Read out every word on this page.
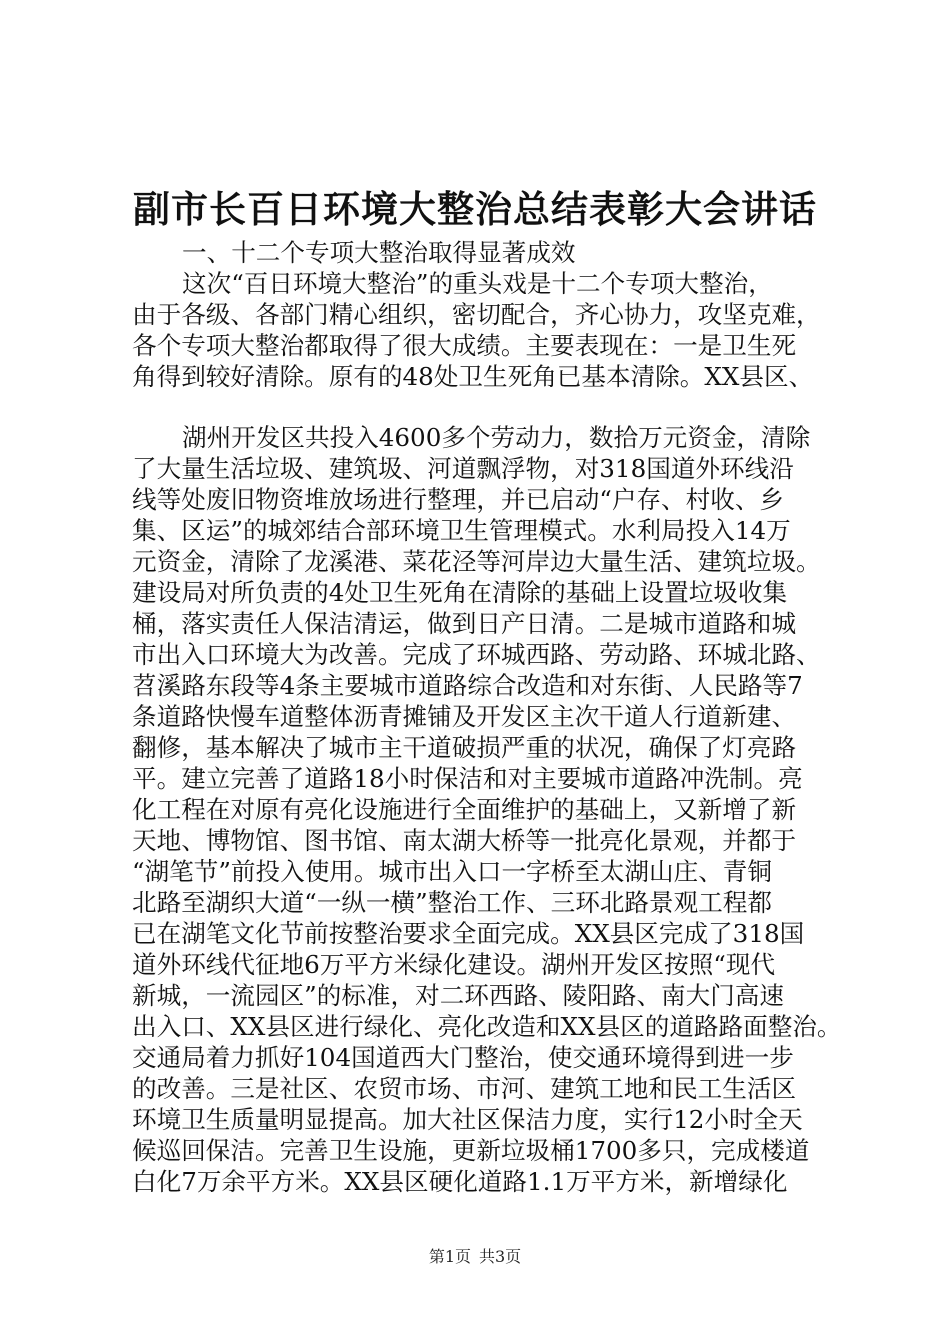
副市长百日环境大整治总结表彰大会讲话
一、十二个专项大整治取得显著成效
这次“百日环境大整治”的重头戏是十二个专项大整治，
由于各级、各部门精心组织，密切配合，齐心协力，攻坚克难，
各个专项大整治都取得了很大成绩。主要表现在：一是卫生死
角得到较好清除。原有的48处卫生死角已基本清除。XX县区、
湖州开发区共投入4600多个劳动力，数拾万元资金，清除
了大量生活垃圾、建筑圾、河道飘浮物，对318国道外环线沿
线等处废旧物资堆放场进行整理，并已启动“户存、村收、乡
集、区运”的城郊结合部环境卫生管理模式。水利局投入14万
元资金，清除了龙溪港、菜花泾等河岸边大量生活、建筑垃圾。
建设局对所负责的4处卫生死角在清除的基础上设置垃圾收集
桶，落实责任人保洁清运，做到日产日清。二是城市道路和城
市出入口环境大为改善。完成了环城西路、劳动路、环城北路、
苕溪路东段等4条主要城市道路综合改造和对东街、人民路等7
条道路快慢车道整体沥青摊铺及开发区主次干道人行道新建、
翻修，基本解决了城市主干道破损严重的状况，确保了灯亮路
平。建立完善了道路18小时保洁和对主要城市道路冲洗制。亮
化工程在对原有亮化设施进行全面维护的基础上，又新增了新
天地、博物馆、图书馆、南太湖大桥等一批亮化景观，并都于
“湖笔节”前投入使用。城市出入口一字桥至太湖山庄、青铜
北路至湖织大道“一纵一横”整治工作、三环北路景观工程都
已在湖笔文化节前按整治要求全面完成。XX县区完成了318国
道外环线代征地6万平方米绿化建设。湖州开发区按照“现代
新城，一流园区”的标准，对二环西路、陵阳路、南大门高速
出入口、XX县区进行绿化、亮化改造和XX县区的道路路面整治。
交通局着力抓好104国道西大门整治，使交通环境得到进一步
的改善。三是社区、农贸市场、市河、建筑工地和民工生活区
环境卫生质量明显提高。加大社区保洁力度，实行12小时全天
候巡回保洁。完善卫生设施，更新垃圾桶1700多只，完成楼道
白化7万余平方米。XX县区硬化道路1.1万平方米，新增绿化
第1页 共3页
